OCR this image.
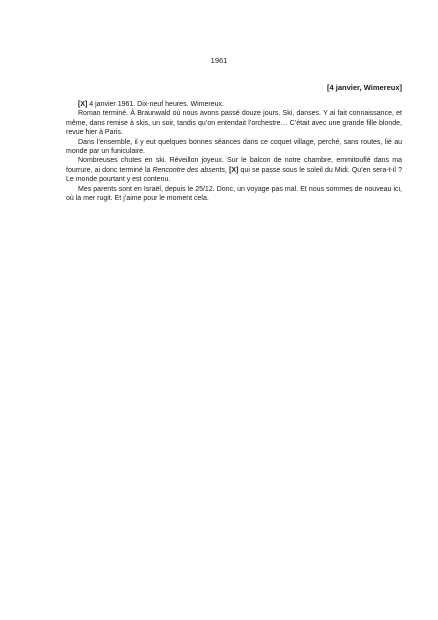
1961
[4 janvier, Wimereux]

[X] 4 janvier 1961. Dix-neuf heures. Wimereux.

Roman terminé. À Braunwald où nous avons passé douze jours. Ski, danses. Y ai fait connaissance, et même, dans remise à skis, un soir, tandis qu’on entendait l’orchestre… C’était avec une grande fille blonde, revue hier à Paris.

Dans l’ensemble, il y eut quelques bonnes séances dans ce coquet village, perché, sans routes, lié au monde par un funiculaire.

Nombreuses chutes en ski. Réveillon joyeux. Sur le balcon de notre chambre, emmitouflé dans ma fourrure, ai donc terminé la Rencontre des absents, [X] qui se passe sous le soleil du Midi. Qu’en sera-t-il ? Le monde pourtant y est contenu.

Mes parents sont en Israël, depuis le 25/12. Donc, un voyage pas mal. Et nous sommes de nouveau ici, où la mer rugit. Et j’aime pour le moment cela.
